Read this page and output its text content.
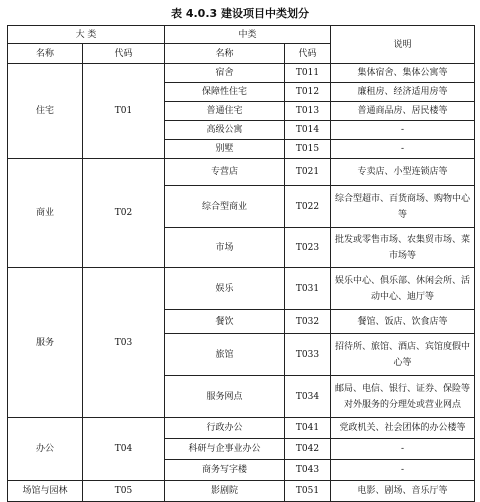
表 4.0.3 建设项目中类划分
大 类		中类		说明
名称	代码	名称	代码	
住宅	T01	宿舍	T011	集体宿舍、集体公寓等
		保障性住宅	T012	廉租房、经济适用房等
		普通住宅	T013	普通商品房、居民楼等
		高级公寓	T014	-
		别墅	T015	-
商业	T02	专营店	T021	专卖店、小型连锁店等
		综合型商业	T022	综合型超市、百货商场、购物中心等
		市场	T023	批发或零售市场、农集贸市场、菜市场等
服务	T03	娱乐	T031	娱乐中心、俱乐部、休闲会所、活动中心、迪厅等
		餐饮	T032	餐馆、饭店、饮食店等
		旅馆	T033	招待所、旅馆、酒店、宾馆度假中心等
		服务网点	T034	邮局、电信、银行、证券、保险等对外服务的分理处或营业网点
办公	T04	行政办公	T041	党政机关、社会团体的办公楼等
		科研与企事业办公	T042	-
		商务写字楼	T043	-
场馆与园林	T05	影剧院	T051	电影、剧场、音乐厅等
